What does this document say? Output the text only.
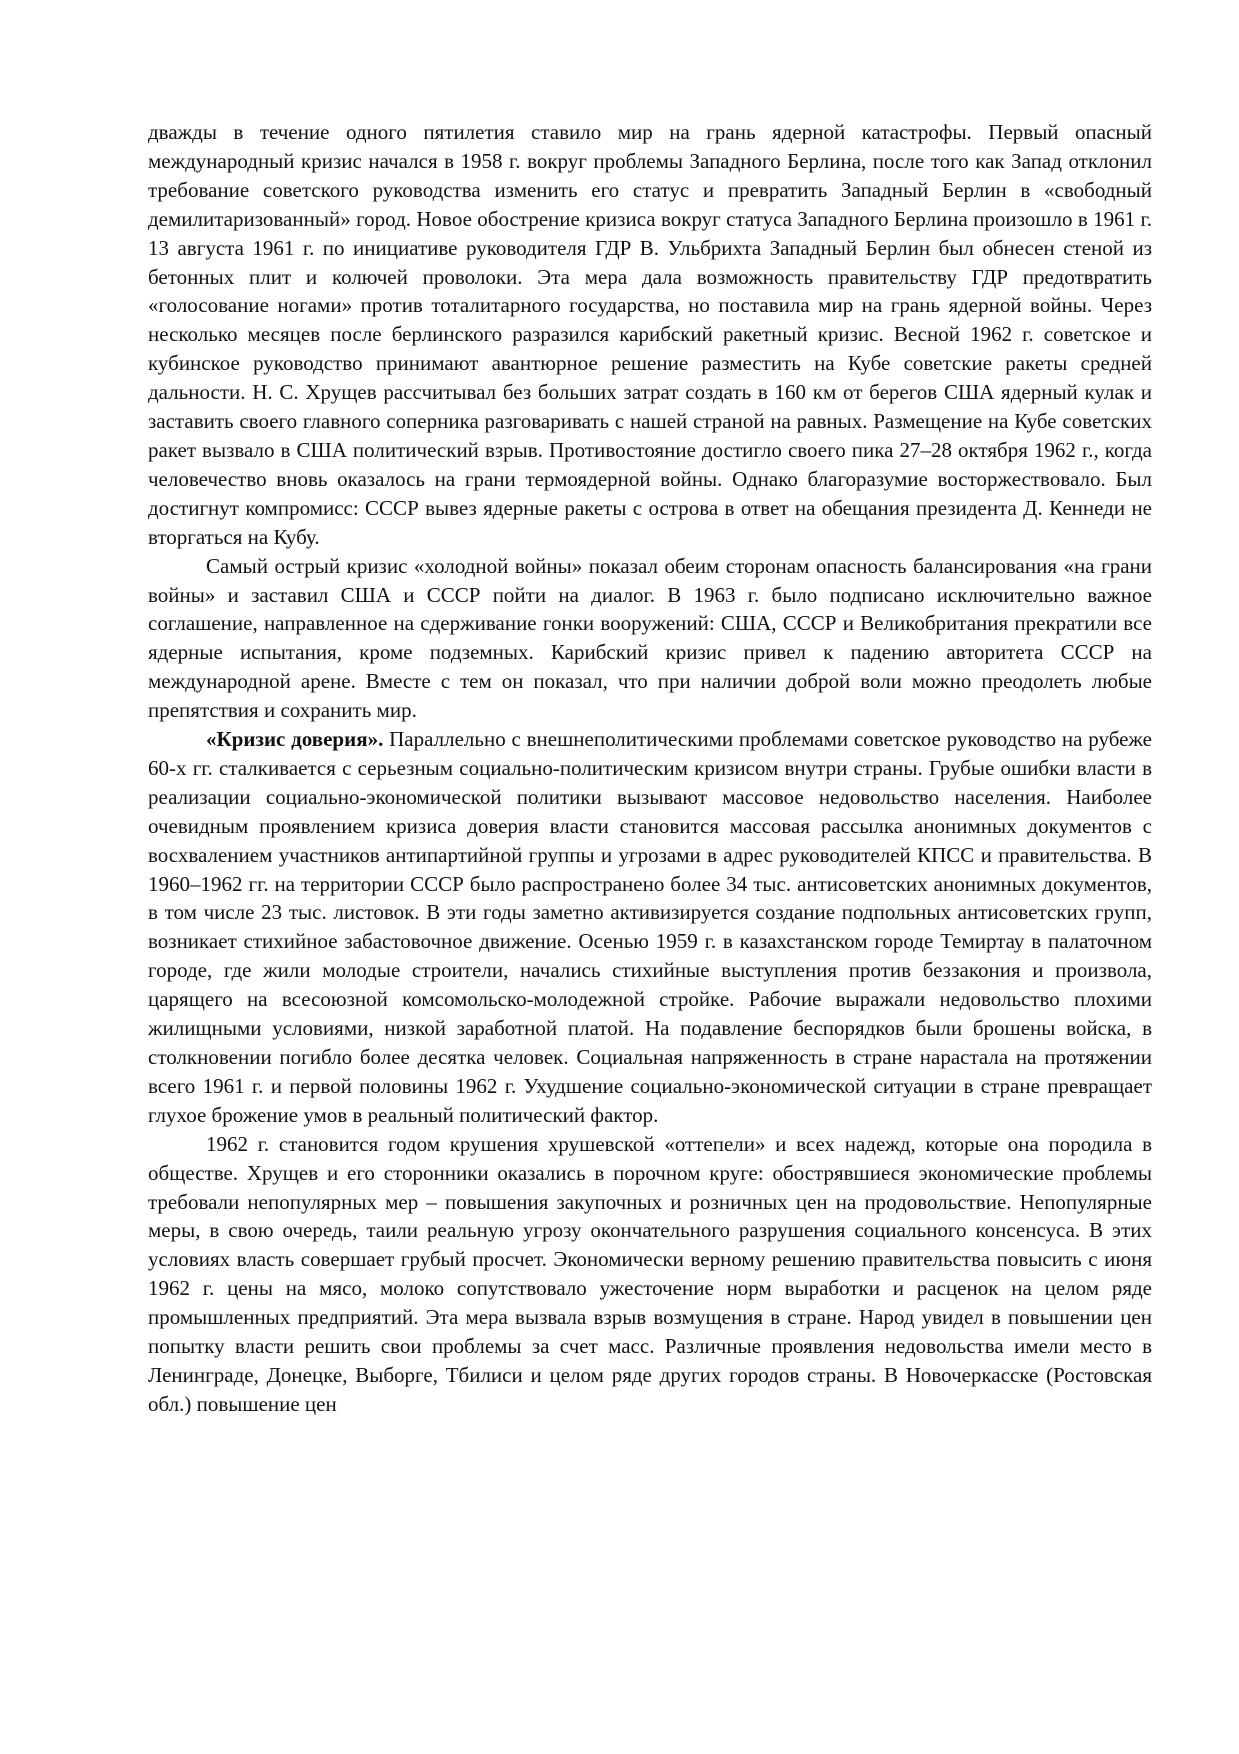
дважды в течение одного пятилетия ставило мир на грань ядерной катастрофы. Первый опасный международный кризис начался в 1958 г. вокруг проблемы Западного Берлина, после того как Запад отклонил требование советского руководства изменить его статус и превратить Западный Берлин в «свободный демилитаризованный» город. Новое обострение кризиса вокруг статуса Западного Берлина произошло в 1961 г. 13 августа 1961 г. по инициативе руководителя ГДР В. Ульбрихта Западный Берлин был обнесен стеной из бетонных плит и колючей проволоки. Эта мера дала возможность правительству ГДР предотвратить «голосование ногами» против тоталитарного государства, но поставила мир на грань ядерной войны. Через несколько месяцев после берлинского разразился карибский ракетный кризис. Весной 1962 г. советское и кубинское руководство принимают авантюрное решение разместить на Кубе советские ракеты средней дальности. Н. С. Хрущев рассчитывал без больших затрат создать в 160 км от берегов США ядерный кулак и заставить своего главного соперника разговаривать с нашей страной на равных. Размещение на Кубе советских ракет вызвало в США политический взрыв. Противостояние достигло своего пика 27–28 октября 1962 г., когда человечество вновь оказалось на грани термоядерной войны. Однако благоразумие восторжествовало. Был достигнут компромисс: СССР вывез ядерные ракеты с острова в ответ на обещания президента Д. Кеннеди не вторгаться на Кубу.

Самый острый кризис «холодной войны» показал обеим сторонам опасность балансирования «на грани войны» и заставил США и СССР пойти на диалог. В 1963 г. было подписано исключительно важное соглашение, направленное на сдерживание гонки вооружений: США, СССР и Великобритания прекратили все ядерные испытания, кроме подземных. Карибский кризис привел к падению авторитета СССР на международной арене. Вместе с тем он показал, что при наличии доброй воли можно преодолеть любые препятствия и сохранить мир.

«Кризис доверия». Параллельно с внешнеполитическими проблемами советское руководство на рубеже 60-х гг. сталкивается с серьезным социально-политическим кризисом внутри страны. Грубые ошибки власти в реализации социально-экономической политики вызывают массовое недовольство населения. Наиболее очевидным проявлением кризиса доверия власти становится массовая рассылка анонимных документов с восхвалением участников антипартийной группы и угрозами в адрес руководителей КПСС и правительства. В 1960–1962 гг. на территории СССР было распространено более 34 тыс. антисоветских анонимных документов, в том числе 23 тыс. листовок. В эти годы заметно активизируется создание подпольных антисоветских групп, возникает стихийное забастовочное движение. Осенью 1959 г. в казахстанском городе Темиртау в палаточном городе, где жили молодые строители, начались стихийные выступления против беззакония и произвола, царящего на всесоюзной комсомольско-молодежной стройке. Рабочие выражали недовольство плохими жилищными условиями, низкой заработной платой. На подавление беспорядков были брошены войска, в столкновении погибло более десятка человек. Социальная напряженность в стране нарастала на протяжении всего 1961 г. и первой половины 1962 г. Ухудшение социально-экономической ситуации в стране превращает глухое брожение умов в реальный политический фактор.

1962 г. становится годом крушения хрушевской «оттепели» и всех надежд, которые она породила в обществе. Хрущев и его сторонники оказались в порочном круге: обострявшиеся экономические проблемы требовали непопулярных мер – повышения закупочных и розничных цен на продовольствие. Непопулярные меры, в свою очередь, таили реальную угрозу окончательного разрушения социального консенсуса. В этих условиях власть совершает грубый просчет. Экономически верному решению правительства повысить с июня 1962 г. цены на мясо, молоко сопутствовало ужесточение норм выработки и расценок на целом ряде промышленных предприятий. Эта мера вызвала взрыв возмущения в стране. Народ увидел в повышении цен попытку власти решить свои проблемы за счет масс. Различные проявления недовольства имели место в Ленинграде, Донецке, Выборге, Тбилиси и целом ряде других городов страны. В Новочеркасске (Ростовская обл.) повышение цен
